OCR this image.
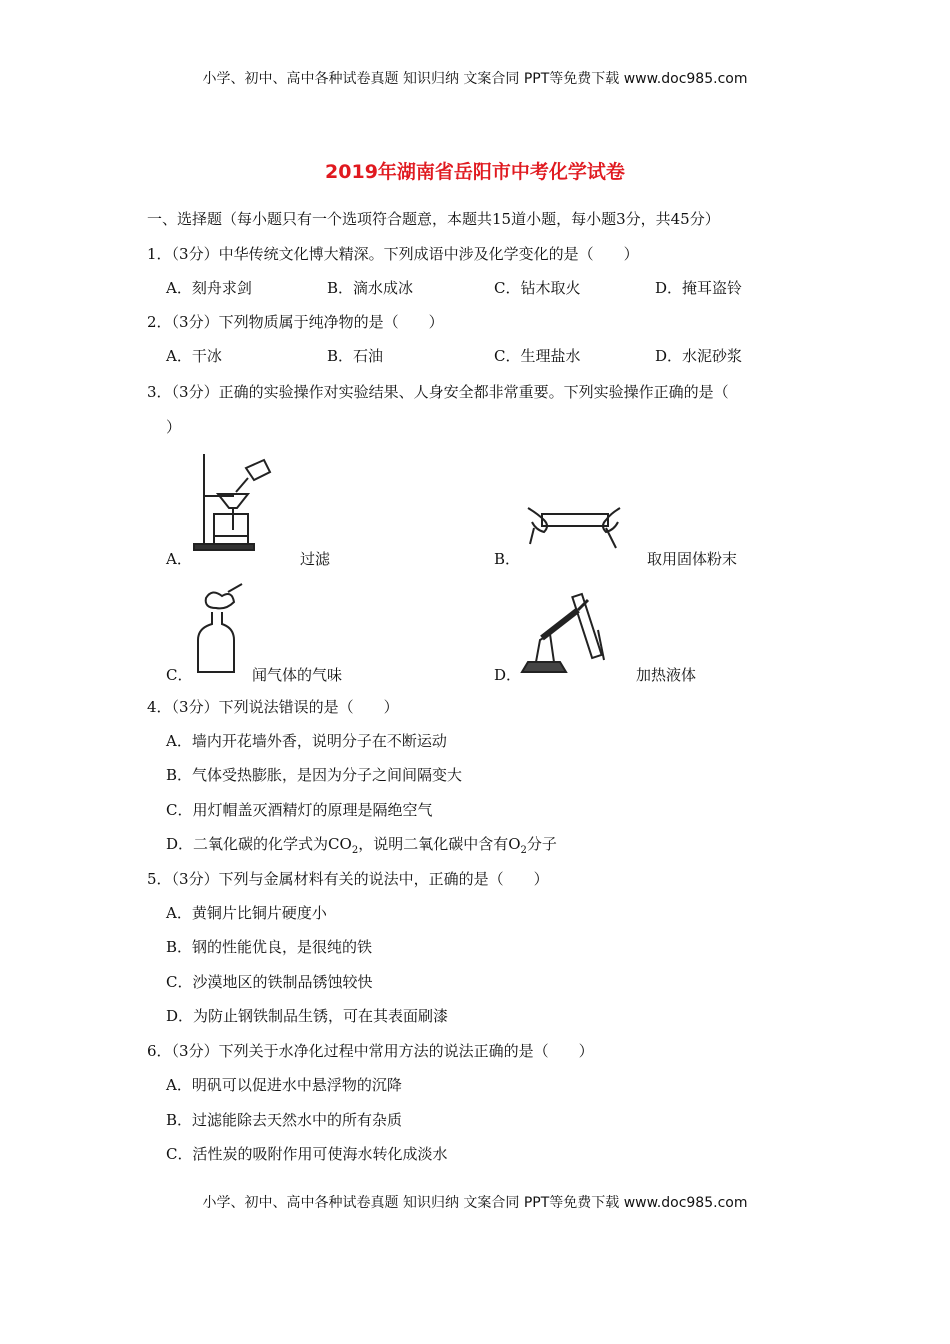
小学、初中、高中各种试卷真题 知识归纳 文案合同 PPT等免费下载 www.doc985.com
2019年湖南省岳阳市中考化学试卷
一、选择题（每小题只有一个选项符合题意，本题共15道小题，每小题3分，共45分）
1．（3分）中华传统文化博大精深。下列成语中涉及化学变化的是（　　）
A．刻舟求剑	B．滴水成冰	C．钻木取火	D．掩耳盗铃
2．（3分）下列物质属于纯净物的是（　　）
A．干冰	B．石油	C．生理盐水	D．水泥砂浆
3．（3分）正确的实验操作对实验结果、人身安全都非常重要。下列实验操作正确的是（
）
A．	过滤	B．	取用固体粉末
C．	闻气体的气味	D．	加热液体
4．（3分）下列说法错误的是（　　）
A．墙内开花墙外香，说明分子在不断运动
B．气体受热膨胀，是因为分子之间间隔变大
C．用灯帽盖灭酒精灯的原理是隔绝空气
D．二氧化碳的化学式为$CO_2$，说明二氧化碳中含有$O_2$分子
5．（3分）下列与金属材料有关的说法中，正确的是（　　）
A．黄铜片比铜片硬度小
B．钢的性能优良，是很纯的铁
C．沙漠地区的铁制品锈蚀较快
D．为防止钢铁制品生锈，可在其表面刷漆
6．（3分）下列关于水净化过程中常用方法的说法正确的是（　　）
A．明矾可以促进水中悬浮物的沉降
B．过滤能除去天然水中的所有杂质
C．活性炭的吸附作用可使海水转化成淡水
小学、初中、高中各种试卷真题 知识归纳 文案合同 PPT等免费下载 www.doc985.com
